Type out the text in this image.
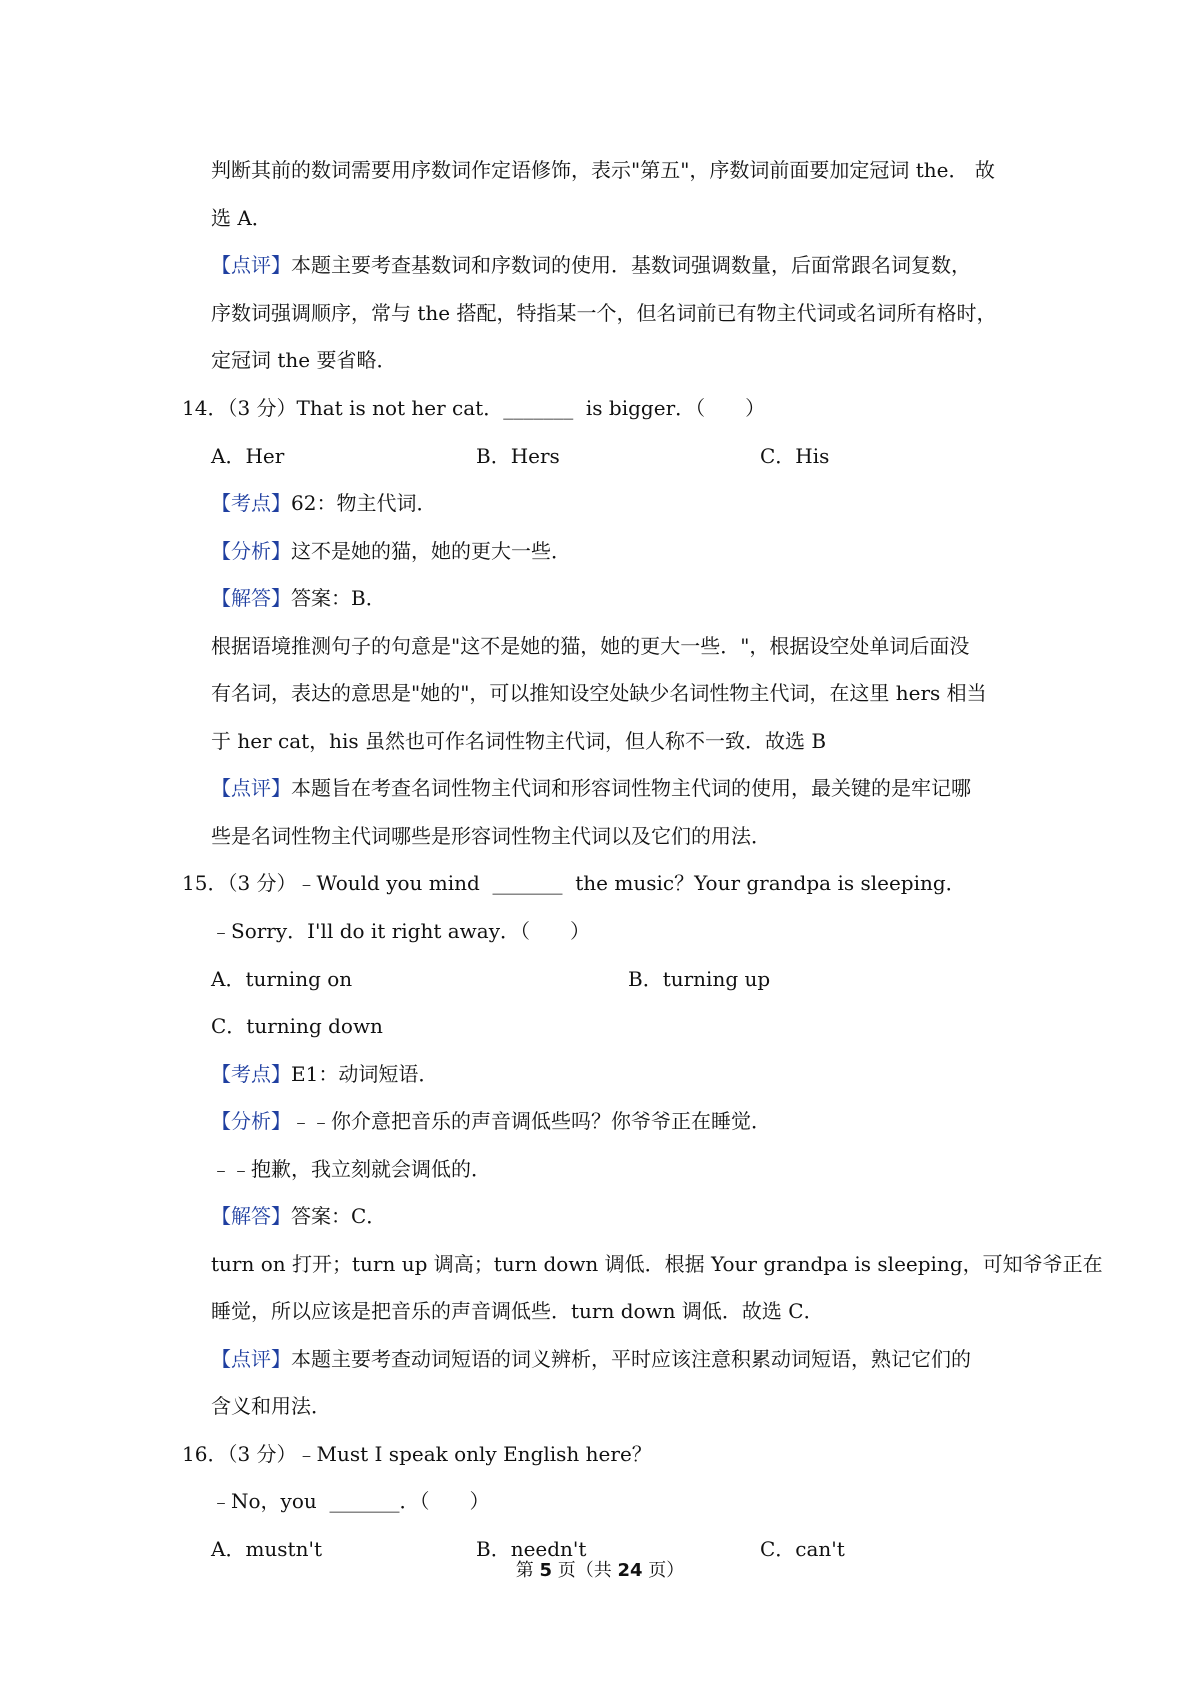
判断其前的数词需要用序数词作定语修饰，表示"第五"，序数词前面要加定冠词 the． 故
选 A．
【点评】本题主要考查基数词和序数词的使用．基数词强调数量，后面常跟名词复数，
序数词强调顺序，常与 the 搭配，特指某一个，但名词前已有物主代词或名词所有格时，
定冠词 the 要省略．
14．（3 分）That is not her cat．_______  is bigger．（　　）
A．Her	B．Hers	C．His
【考点】62：物主代词．
【分析】这不是她的猫，她的更大一些．
【解答】答案：B．
根据语境推测句子的句意是"这不是她的猫，她的更大一些．"，根据设空处单词后面没
有名词，表达的意思是"她的"，可以推知设空处缺少名词性物主代词，在这里 hers 相当
于 her cat，his 虽然也可作名词性物主代词，但人称不一致．故选 B
【点评】本题旨在考查名词性物主代词和形容词性物主代词的使用，最关键的是牢记哪
些是名词性物主代词哪些是形容词性物主代词以及它们的用法．
15．（3 分）﹣Would you mind  _______  the music？Your grandpa is sleeping．
﹣Sorry．I'll do it right away．（　　）
A．turning on	B．turning up
C．turning down
【考点】E1：动词短语．
【分析】﹣﹣你介意把音乐的声音调低些吗？你爷爷正在睡觉．
﹣﹣抱歉，我立刻就会调低的．
【解答】答案：C．
turn on 打开；turn up 调高；turn down 调低．根据 Your grandpa is sleeping，可知爷爷正在
睡觉，所以应该是把音乐的声音调低些．turn down 调低．故选 C．
【点评】本题主要考查动词短语的词义辨析，平时应该注意积累动词短语，熟记它们的
含义和用法．
16．（3 分）﹣Must I speak only English here？
﹣No，you  _______．（　　）
A．mustn't	B．needn't	C．can't
第 5 页（共 24 页）
